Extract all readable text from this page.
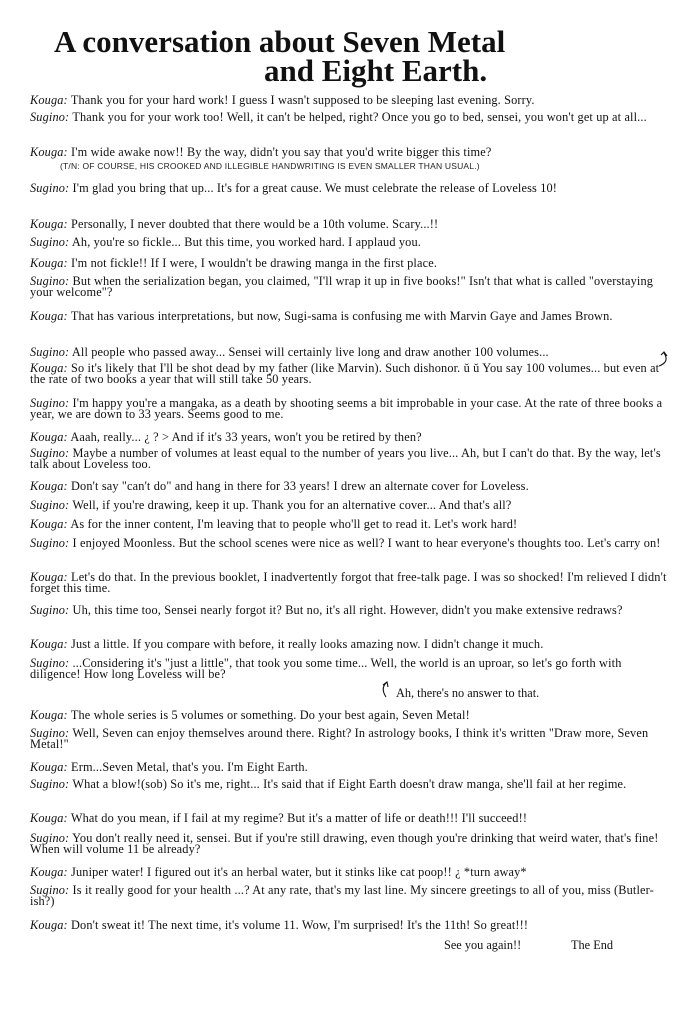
A conversation about Seven Metal
and Eight Earth.

Kouga: Thank you for your hard work! I guess I wasn't supposed to be sleeping last evening. Sorry.

Sugino: Thank you for your work too! Well, it can't be helped, right? Once you go to bed, sensei, you won't get up at all...

Kouga: I'm wide awake now!! By the way, didn't you say that you'd write bigger this time?

Sugino: I'm glad you bring that up... It's for a great cause. We must celebrate the release of Loveless 10!

Kouga: Personally, I never doubted that there would be a 10th volume. Scary...!!

Sugino: Ah, you're so fickle... But this time, you worked hard. I applaud you.

Kouga: I'm not fickle!! If I were, I wouldn't be drawing manga in the first place.

Sugino: But when the serialization began, you claimed, "I'll wrap it up in five books!" Isn't that what is called "overstaying your welcome"?

Kouga: That has various interpretations, but now, Sugi-sama is confusing me with Marvin Gaye and James Brown.

Sugino: All people who passed away... Sensei will certainly live long and draw another 100 volumes...

Kouga: So it's likely that I'll be shot dead by my father (like Marvin). Such dishonor. ǔ ǔ You say 100 volumes... but even at the rate of two books a year that will still take 50 years.

Sugino: I'm happy you're a mangaka, as a death by shooting seems a bit improbable in your case. At the rate of three books a year, we are down to 33 years. Seems good to me.

Kouga: Aaah, really... ¿ ? > And if it's 33 years, won't you be retired by then?

Sugino: Maybe a number of volumes at least equal to the number of years you live... Ah, but I can't do that. By the way, let's talk about Loveless too.

Kouga: Don't say "can't do" and hang in there for 33 years! I drew an alternate cover for Loveless.

Sugino: Well, if you're drawing, keep it up. Thank you for an alternative cover... And that's all?

Kouga: As for the inner content, I'm leaving that to people who'll get to read it. Let's work hard!

Sugino: I enjoyed Moonless. But the school scenes were nice as well? I want to hear everyone's thoughts too. Let's carry on!

Kouga: Let's do that. In the previous booklet, I inadvertently forgot that free-talk page. I was so shocked! I'm relieved I didn't forget this time.

Sugino: Uh, this time too, Sensei nearly forgot it? But no, it's all right. However, didn't you make extensive redraws?

Kouga: Just a little. If you compare with before, it really looks amazing now. I didn't change it much.

Sugino: ...Considering it's "just a little", that took you some time... Well, the world is an uproar, so let's go forth with diligence! How long Loveless will be?

Kouga: The whole series is 5 volumes or something. Do your best again, Seven Metal!

Sugino: Well, Seven can enjoy themselves around there. Right? In astrology books, I think it's written "Draw more, Seven Metal!"

Kouga: Erm...Seven Metal, that's you. I'm Eight Earth.

Sugino: What a blow!(sob) So it's me, right... It's said that if Eight Earth doesn't draw manga, she'll fail at her regime.

Kouga: What do you mean, if I fail at my regime? But it's a matter of life or death!!! I'll succeed!!

Sugino: You don't really need it, sensei. But if you're still drawing, even though you're drinking that weird water, that's fine! When will volume 11 be already?

Kouga: Juniper water! I figured out it's an herbal water, but it stinks like cat poop!! ¿ *turn away*

Sugino: Is it really good for your health ...? At any rate, that's my last line. My sincere greetings to all of you, miss (Butler-ish?)

Kouga: Don't sweat it! The next time, it's volume 11. Wow, I'm surprised! It's the 11th! So great!!!

(T/N: OF COURSE, HIS CROOKED AND ILLEGIBLE HANDWRITING IS EVEN SMALLER THAN USUAL.)

Ah, there's no answer to that.

See you again!!	The End
